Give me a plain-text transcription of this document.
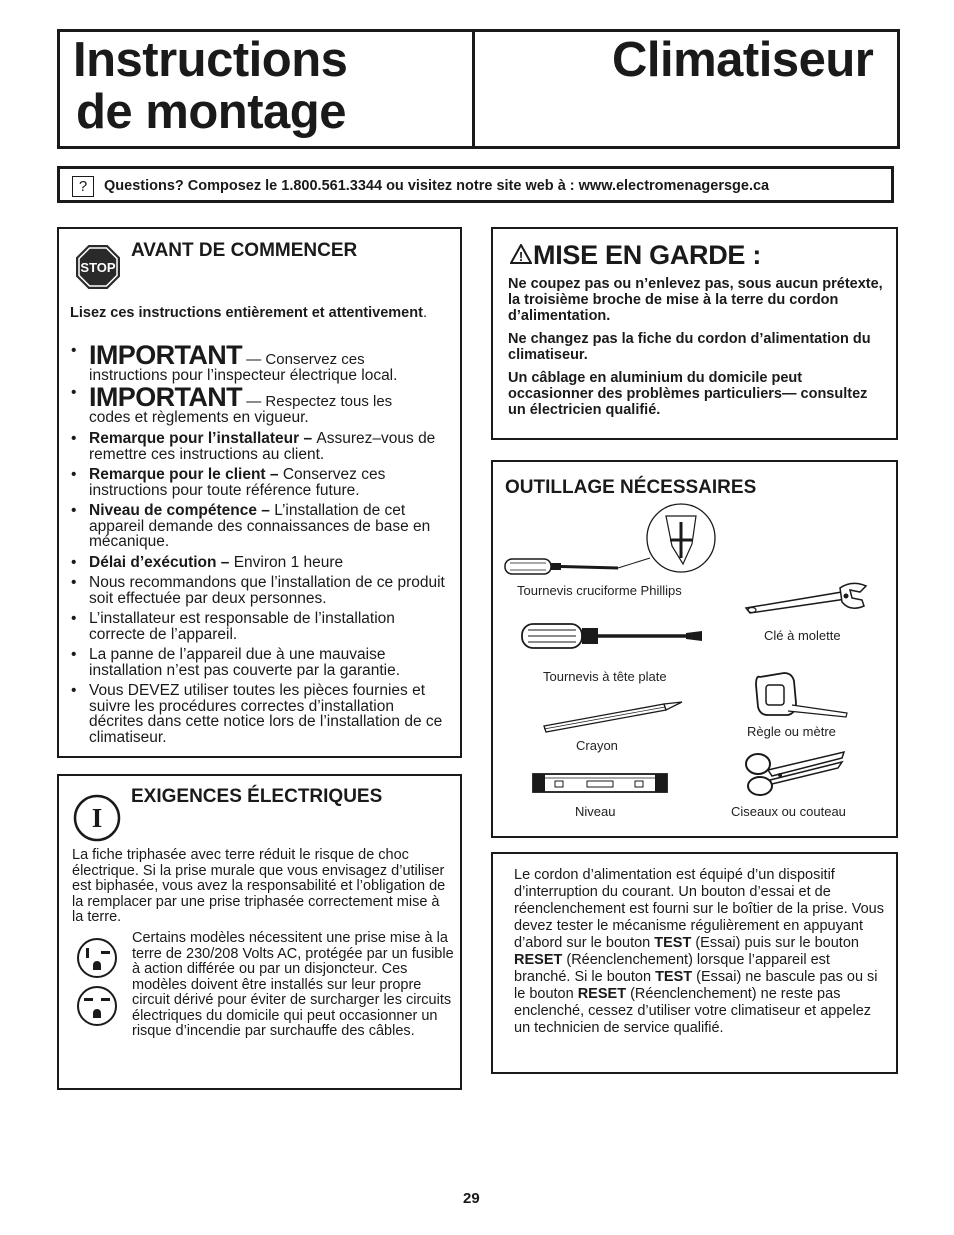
Instructions
de montage
Climatiseur
?	Questions? Composez le 1.800.561.3344 ou visitez notre site web à : www.electromenagersge.ca
STOP
AVANT DE COMMENCER
Lisez ces instructions entièrement et attentivement.
• IMPORTANT — Conservez ces
instructions pour l’inspecteur électrique local.
• IMPORTANT — Respectez tous les
codes et règlements en vigueur.
• Remarque pour l’installateur – Assurez–vous de remettre ces instructions au client.
• Remarque pour le client – Conservez ces instructions pour toute référence future.
• Niveau de compétence – L’installation de cet appareil demande des connaissances de base en mécanique.
• Délai d’exécution – Environ 1 heure
• Nous recommandons que l’installation de ce produit soit effectuée par deux personnes.
• L’installateur est responsable de l’installation correcte de l’appareil.
• La panne de l’appareil due à une mauvaise installation n’est pas couverte par la garantie.
• Vous DEVEZ utiliser toutes les pièces fournies et suivre les procédures correctes d’installation décrites dans cette notice lors de l’installation de ce climatiseur.
I
EXIGENCES ÉLECTRIQUES
La fiche triphasée avec terre réduit le risque de choc électrique. Si la prise murale que vous envisagez d’utiliser est biphasée, vous avez la responsabilité et l’obligation de la remplacer par une prise triphasée correctement mise à la terre.
Certains modèles nécessitent une prise mise à la terre de 230/208 Volts AC, protégée par un fusible à action différée ou par un disjoncteur. Ces modèles doivent être installés sur leur propre circuit dérivé pour éviter de surcharger les circuits électriques du domicile qui peut occasionner un risque d’incendie par surchauffe des câbles.
! MISE EN GARDE :

Ne coupez pas ou n’enlevez pas, sous aucun prétexte, la troisième broche de mise à la terre du cordon d’alimentation.

Ne changez pas la fiche du cordon d’alimentation du climatiseur.

Un câblage en aluminium du domicile peut occasionner des problèmes particuliers— consultez un électricien qualifié.

OUTILLAGE NÉCESSAIRES
Tournevis cruciforme Phillips
Clé à molette
Tournevis à tête plate
Règle ou mètre
Crayon
Niveau	Ciseaux ou couteau
Le cordon d’alimentation est équipé d’un dispositif d’interruption du courant. Un bouton d’essai et de réenclenchement est fourni sur le boîtier de la prise. Vous devez tester le mécanisme régulièrement en appuyant d’abord sur le bouton TEST (Essai) puis sur le bouton RESET (Réenclenchement) lorsque l’appareil est branché. Si le bouton TEST (Essai) ne bascule pas ou si le bouton RESET (Réenclenchement) ne reste pas enclenché, cessez d’utiliser votre climatiseur et appelez un technicien de service qualifié.
29
